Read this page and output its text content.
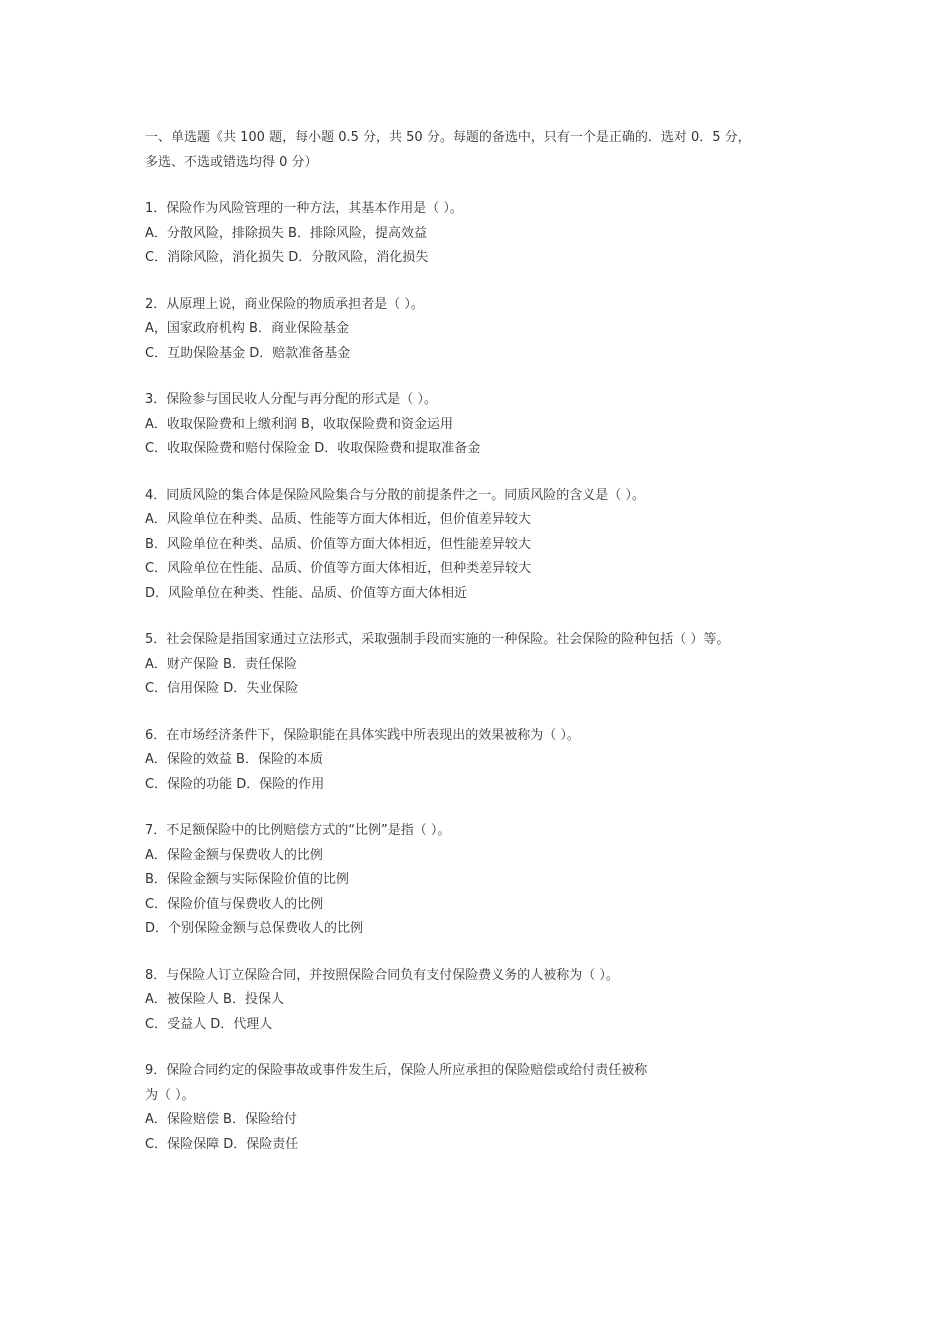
一、单选题《共 100 题，每小题 0.5 分，共 50 分。每题的备选中，只有一个是正确的．选对 0．5 分，
多选、不选或错选均得 0 分）
1．保险作为风险管理的一种方法，其基本作用是（ ）。
A．分散风险，排除损失 B．排除风险，提高效益
C．消除风险，消化损失 D．分散风险，消化损失
2．从原理上说，商业保险的物质承担者是（ ）。
A，国家政府机构 B．商业保险基金
C．互助保险基金 D．赔款准备基金
3．保险参与国民收人分配与再分配的形式是（ ）。
A．收取保险费和上缴利润 B，收取保险费和资金运用
C．收取保险费和赔付保险金 D．收取保险费和提取准备金
4．同质风险的集合体是保险风险集合与分散的前提条件之一。同质风险的含义是（ ）。
A．风险单位在种类、品质、性能等方面大体相近，但价值差异较大
B．风险单位在种类、品质、价值等方面大体相近，但性能差异较大
C．风险单位在性能、品质、价值等方面大体相近，但种类差异较大
D．风险单位在种类、性能、品质、价值等方面大体相近
5．社会保险是指国家通过立法形式，采取强制手段而实施的一种保险。社会保险的险种包括（ ）等。
A．财产保险 B．责任保险
C．信用保险 D．失业保险
6．在市场经济条件下，保险职能在具体实践中所表现出的效果被称为（ ）。
A．保险的效益 B．保险的本质
C．保险的功能 D．保险的作用
7．不足额保险中的比例赔偿方式的“比例”是指（ ）。
A．保险金额与保费收人的比例
B．保险金额与实际保险价值的比例
C．保险价值与保费收人的比例
D．个别保险金额与总保费收人的比例
8．与保险人订立保险合同，并按照保险合同负有支付保险费义务的人被称为（ ）。
A．被保险人 B．投保人
C．受益人 D．代理人
9．保险合同约定的保险事故或事件发生后，保险人所应承担的保险赔偿或给付责任被称
为（ ）。
A．保险赔偿 B．保险给付
C．保险保障 D．保险责任
